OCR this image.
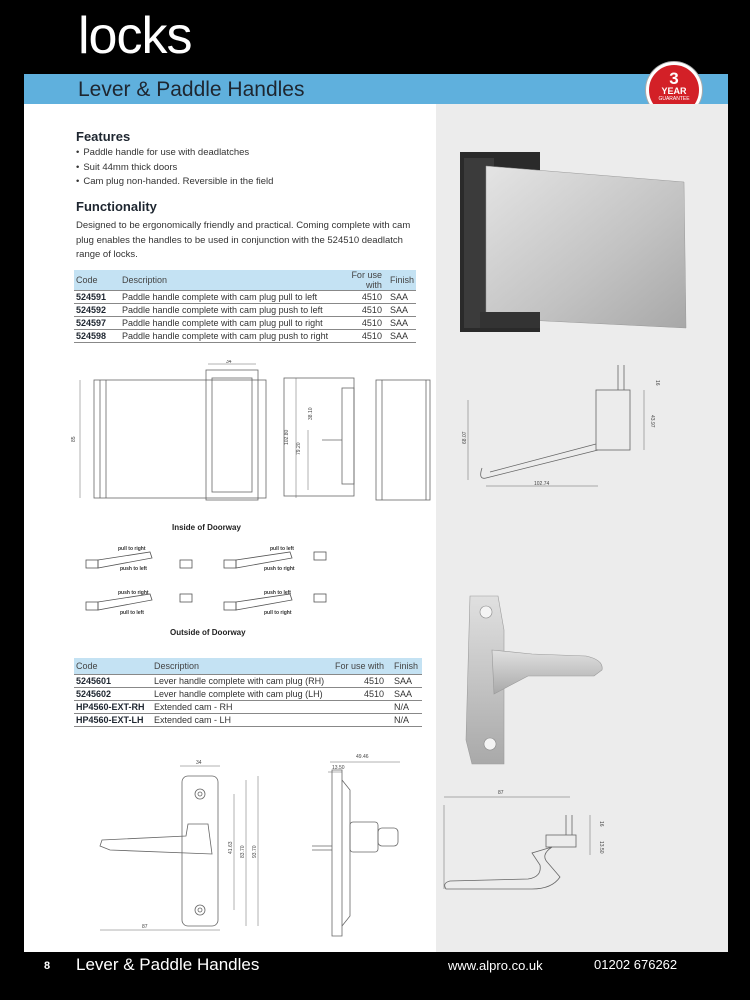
locks
Lever & Paddle Handles	3
YEAR
GUARANTEE
Features
• Paddle handle for use with deadlatches
• Suit 44mm thick doors
• Cam plug non-handed. Reversible in the field
Functionality
Designed to be ergonomically friendly and practical. Coming complete with cam plug enables the handles to be used in conjunction with the 524510 deadlatch range of locks.
Code	Description	For use with	Finish
524591	Paddle handle complete with cam plug pull to left	4510	SAA
524592	Paddle handle complete with cam plug push to left	4510	SAA
524597	Paddle handle complete with cam plug pull to right	4510	SAA
524598	Paddle handle complete with cam plug push to right	4510	SAA
34
85	102.80
79.20
38.10
16
68.07
43.97
102.74
Inside of Doorway
pull to right
push to left
pull to left
push to right
push to right
pull to left
push to left
pull to right
Outside of Doorway
Code	Description	For use with	Finish
5245601	Lever handle complete with cam plug (RH)	4510	SAA
5245602	Lever handle complete with cam plug (LH)	4510	SAA
HP4560-EXT-RH	Extended cam - RH		N/A
HP4560-EXT-LH	Extended cam - LH		N/A
34
41.63 83.70 93.70
87
49.46
13.50
87
16
13.50
8 Lever & Paddle Handles	www.alpro.co.uk	01202 676262
